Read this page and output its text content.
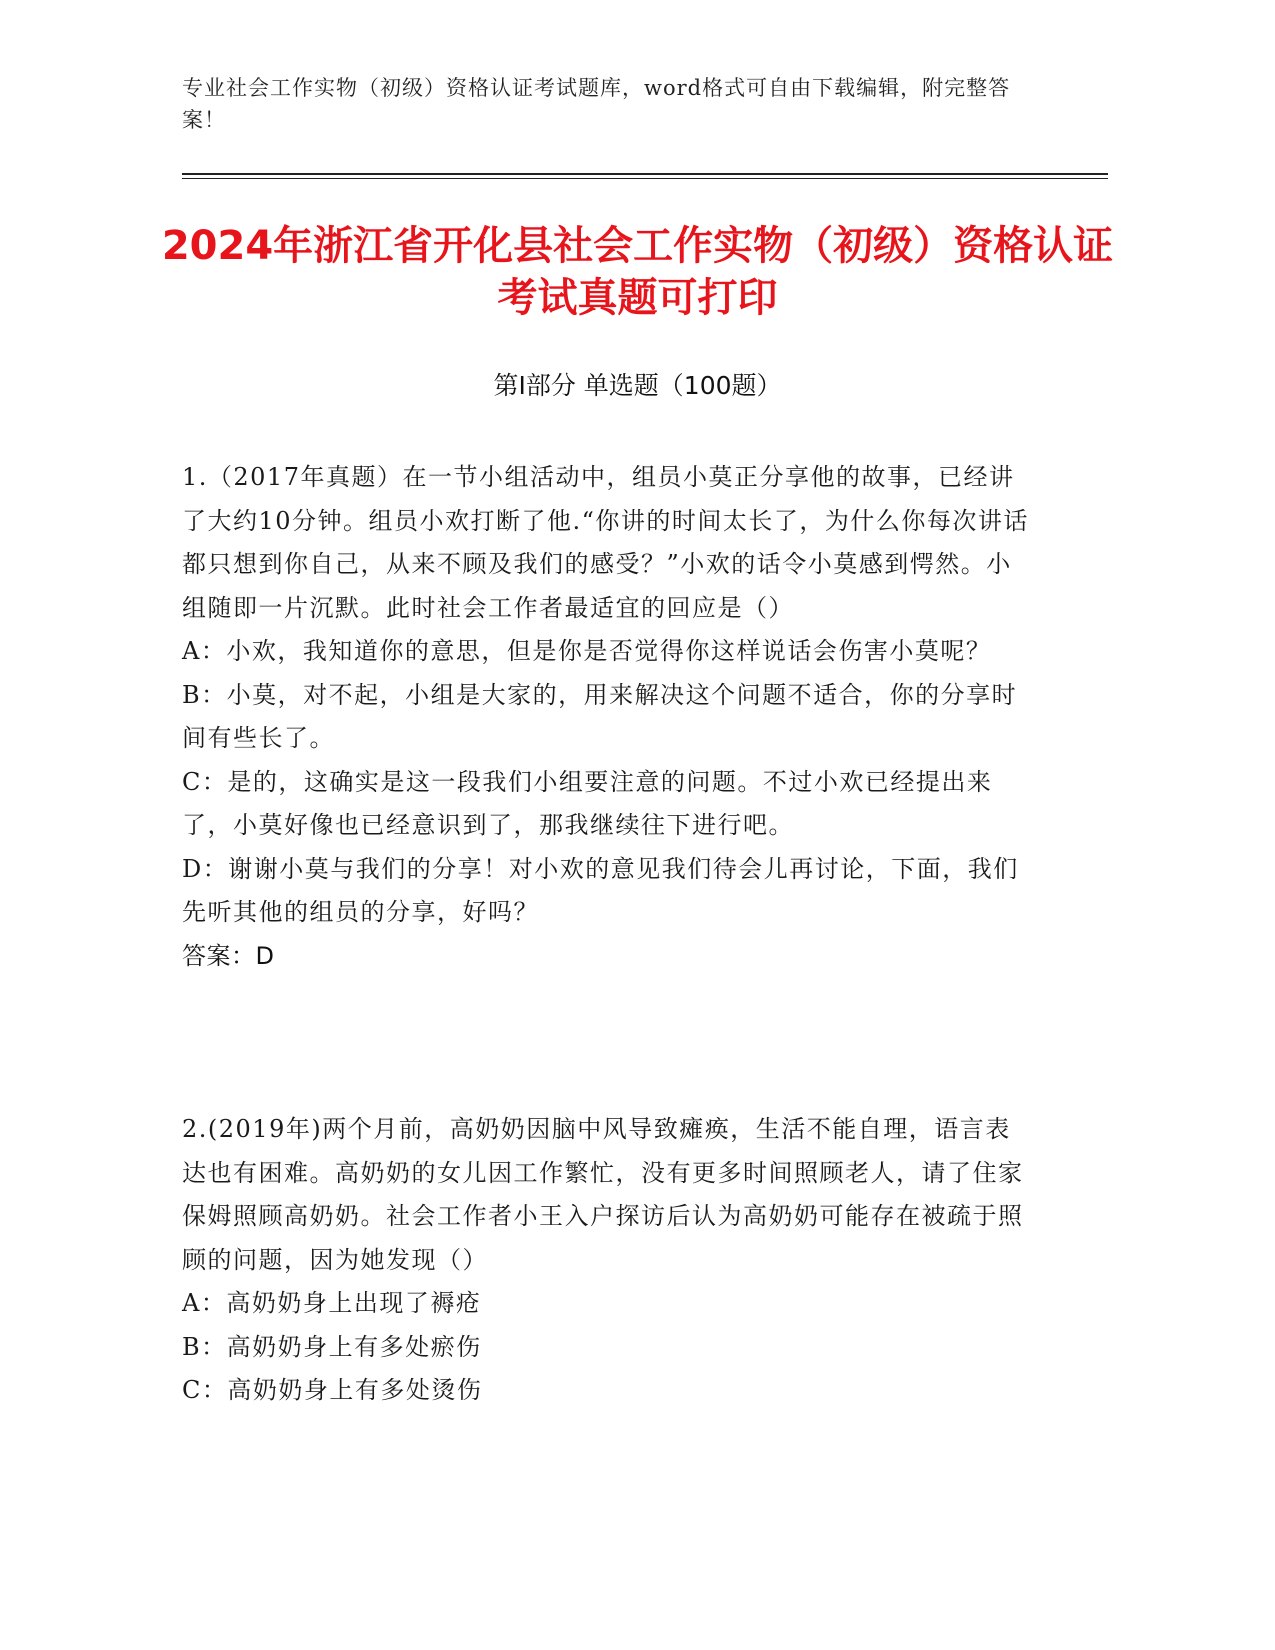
专业社会工作实物（初级）资格认证考试题库，word格式可自由下载编辑，附完整答案！
2024年浙江省开化县社会工作实物（初级）资格认证考试真题可打印
第Ⅰ部分 单选题（100题）

1.（2017年真题）在一节小组活动中，组员小莫正分享他的故事，已经讲了大约10分钟。组员小欢打断了他.“你讲的时间太长了，为什么你每次讲话都只想到你自己，从来不顾及我们的感受？”小欢的话令小莫感到愕然。小组随即一片沉默。此时社会工作者最适宜的回应是（）

A：小欢，我知道你的意思，但是你是否觉得你这样说话会伤害小莫呢？

B：小莫，对不起，小组是大家的，用来解决这个问题不适合，你的分享时间有些长了。

C：是的，这确实是这一段我们小组要注意的问题。不过小欢已经提出来了，小莫好像也已经意识到了，那我继续往下进行吧。

D：谢谢小莫与我们的分享！对小欢的意见我们待会儿再讨论，下面，我们先听其他的组员的分享，好吗？

答案：D

2.(2019年)两个月前，高奶奶因脑中风导致瘫痪，生活不能自理，语言表达也有困难。高奶奶的女儿因工作繁忙，没有更多时间照顾老人，请了住家保姆照顾高奶奶。社会工作者小王入户探访后认为高奶奶可能存在被疏于照顾的问题，因为她发现（）

A：高奶奶身上出现了褥疮

B：高奶奶身上有多处瘀伤

C：高奶奶身上有多处烫伤
